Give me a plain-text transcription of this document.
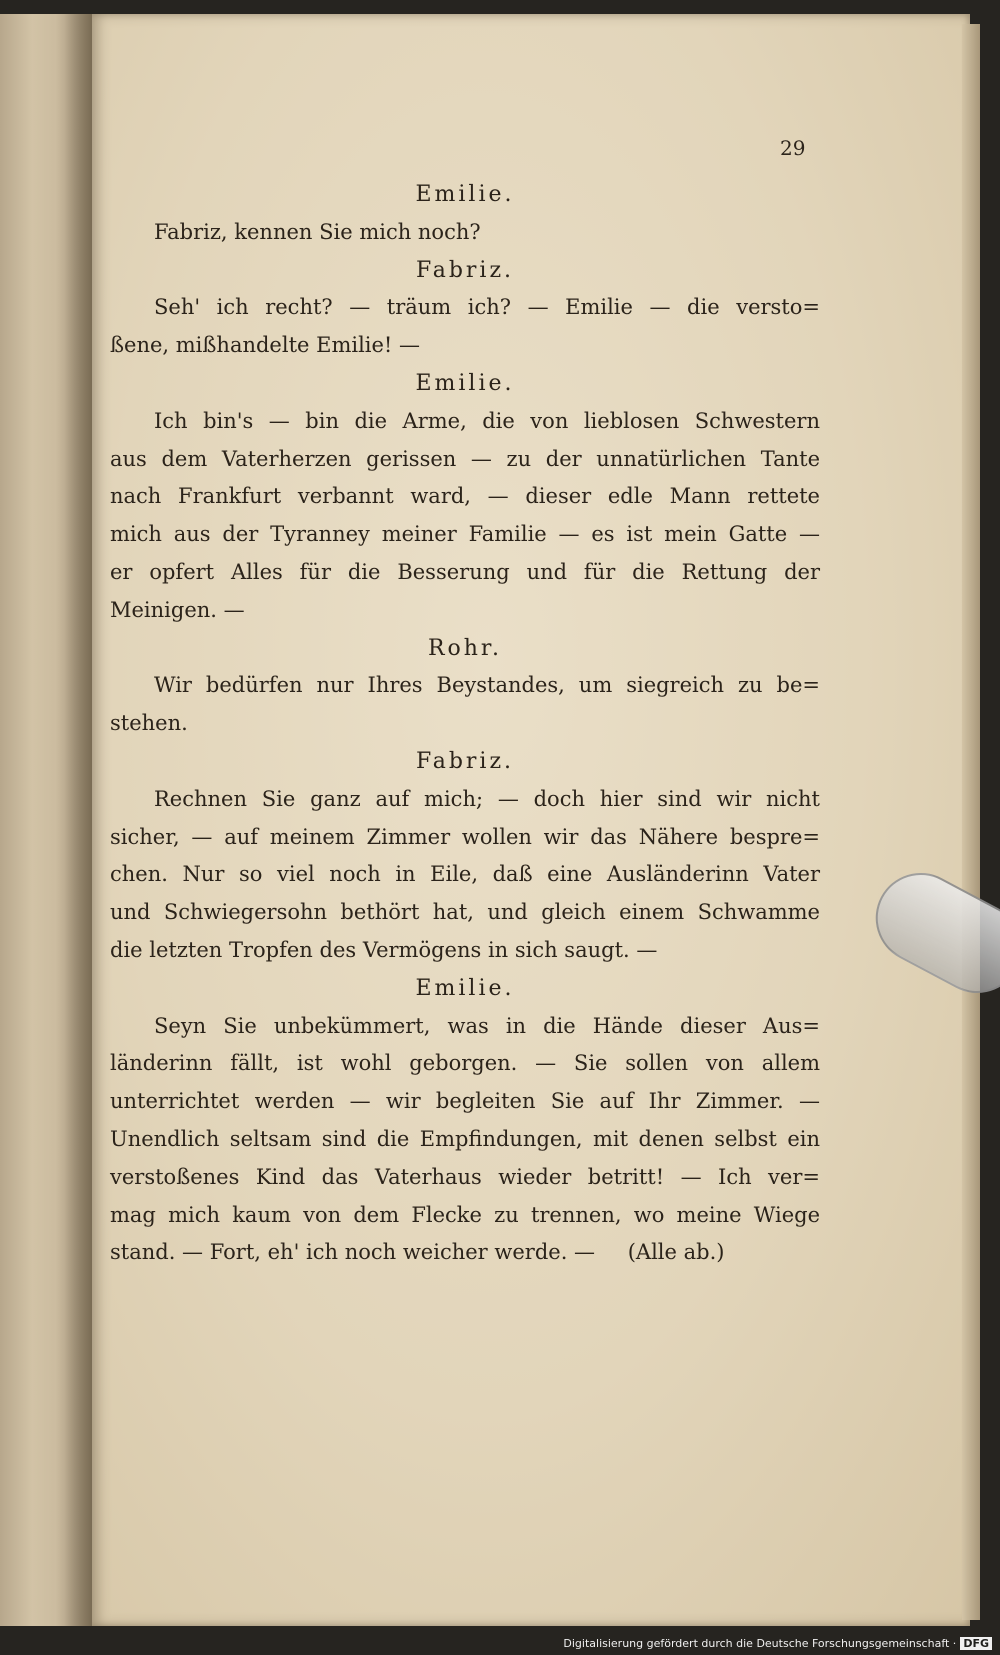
29
Emilie.
Fabriz, kennen Sie mich noch?
Fabriz.
Seh' ich recht? — träum ich? — Emilie — die versto=
ßene, mißhandelte Emilie! —
Emilie.
Ich bin's — bin die Arme, die von lieblosen Schwestern
aus dem Vaterherzen gerissen — zu der unnatürlichen Tante
nach Frankfurt verbannt ward, — dieser edle Mann rettete
mich aus der Tyranney meiner Familie — es ist mein Gatte —
er opfert Alles für die Besserung und für die Rettung der
Meinigen. —
Rohr.
Wir bedürfen nur Ihres Beystandes, um siegreich zu be=
stehen.
Fabriz.
Rechnen Sie ganz auf mich; — doch hier sind wir nicht
sicher, — auf meinem Zimmer wollen wir das Nähere bespre=
chen. Nur so viel noch in Eile, daß eine Ausländerinn Vater
und Schwiegersohn bethört hat, und gleich einem Schwamme
die letzten Tropfen des Vermögens in sich saugt. —
Emilie.
Seyn Sie unbekümmert, was in die Hände dieser Aus=
länderinn fällt, ist wohl geborgen. — Sie sollen von allem
unterrichtet werden — wir begleiten Sie auf Ihr Zimmer. —
Unendlich seltsam sind die Empfindungen, mit denen selbst ein
verstoßenes Kind das Vaterhaus wieder betritt! — Ich ver=
mag mich kaum von dem Flecke zu trennen, wo meine Wiege
stand. — Fort, eh' ich noch weicher werde. — (Alle ab.)
Digitalisierung gefördert durch die Deutsche Forschungsgemeinschaft · DFG
